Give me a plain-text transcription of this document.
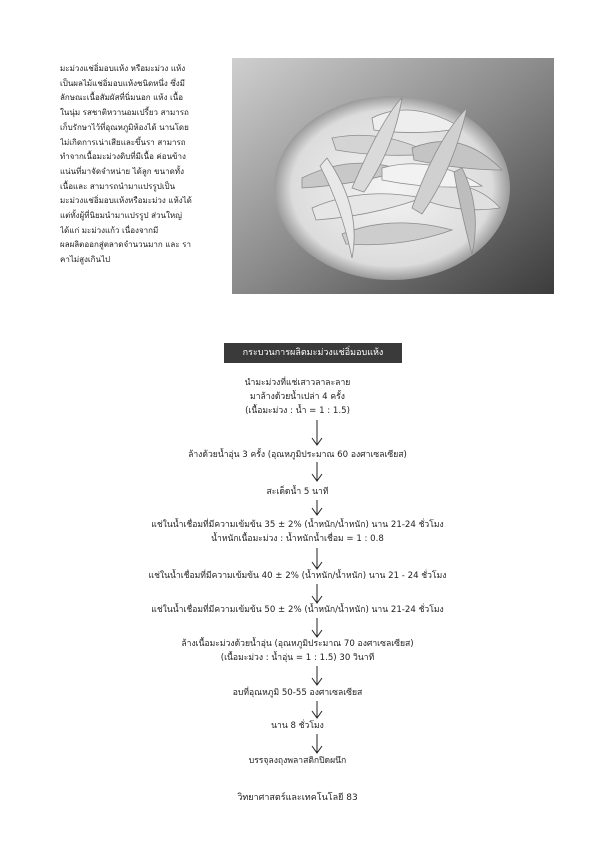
มะม่วงแช่อิ่มอบแห้ง หรือมะม่วง แห้ง
เป็นผลไม้แช่อิ่มอบแห้งชนิดหนึ่ง ซึ่งมี
ลักษณะเนื้อสัมผัสที่นิ่มนอก แห้ง เนื้อ
ในนุ่ม รสชาติหวานอมเปรี้ยว สามารถ
เก็บรักษาไว้ที่อุณหภูมิห้องได้ นานโดย
ไม่เกิดการเน่าเสียและขึ้นรา สามารถ
ทำจากเนื้อมะม่วงดิบที่มีเนื้อ ค่อนข้าง
แน่นที่มาจัดจำหน่าย ได้ลูก ขนาดทั้ง
เนื้อและ สามารถนำมาแปรรูปเป็น
มะม่วงแช่อิ่มอบแห้งหรือมะม่วง แห้งได้
แต่ทั้งผู้ที่นิยมนำมาแปรรูป ส่วนใหญ่
ได้แก่ มะม่วงแก้ว เนื่องจากมี
ผลผลิตออกสู่ตลาดจำนวนมาก และ รา
คาไม่สูงเกินไป

กระบวนการผลิตมะม่วงแช่อิ่มอบแห้ง
นำมะม่วงที่แช่เสาวลาละลาย
มาล้างด้วยน้ำเปล่า 4 ครั้ง
(เนื้อมะม่วง : น้ำ = 1 : 1.5)
ล้างด้วยน้ำอุ่น 3 ครั้ง (อุณหภูมิประมาณ 60 องศาเซลเซียส)
สะเด็ดน้ำ 5 นาที
แช่ในน้ำเชื่อมที่มีความเข้มข้น 35 ± 2% (น้ำหนัก/น้ำหนัก) นาน 21-24 ชั่วโมง
น้ำหนักเนื้อมะม่วง : น้ำหนักน้ำเชื่อม = 1 : 0.8
แช่ในน้ำเชื่อมที่มีความเข้มข้น 40 ± 2% (น้ำหนัก/น้ำหนัก) นาน 21 - 24 ชั่วโมง
แช่ในน้ำเชื่อมที่มีความเข้มข้น 50 ± 2% (น้ำหนัก/น้ำหนัก) นาน 21-24 ชั่วโมง
ล้างเนื้อมะม่วงด้วยน้ำอุ่น (อุณหภูมิประมาณ 70 องศาเซลเซียส)
(เนื้อมะม่วง : น้ำอุ่น = 1 : 1.5) 30 วินาที
อบที่อุณหภูมิ 50-55 องศาเซลเซียส
นาน 8 ชั่วโมง
บรรจุลงถุงพลาสติกปิดผนึก
วิทยาศาสตร์และเทคโนโลยี 83
